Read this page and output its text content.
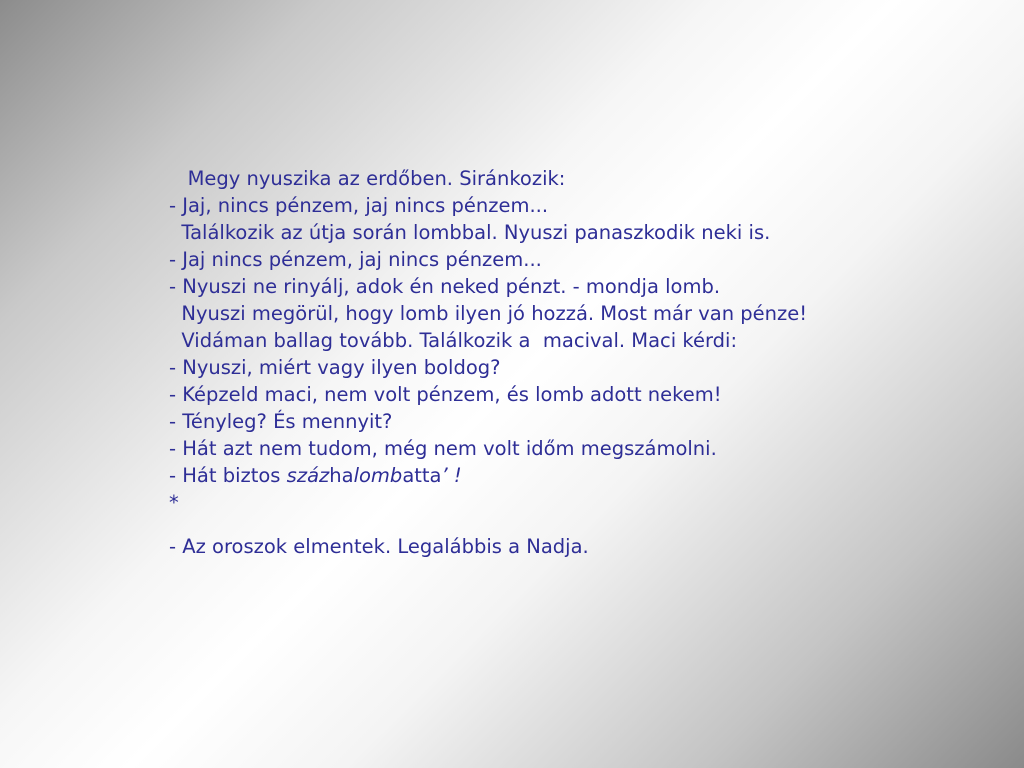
Megy nyuszika az erdőben. Siránkozik:
- Jaj, nincs pénzem, jaj nincs pénzem...
Találkozik az útja során lombbal. Nyuszi panaszkodik neki is.
- Jaj nincs pénzem, jaj nincs pénzem...
- Nyuszi ne rinyálj, adok én neked pénzt. - mondja lomb.
Nyuszi megörül, hogy lomb ilyen jó hozzá. Most már van pénze!
Vidáman ballag tovább. Találkozik a  macival. Maci kérdi:
- Nyuszi, miért vagy ilyen boldog?
- Képzeld maci, nem volt pénzem, és lomb adott nekem!
- Tényleg? És mennyit?
- Hát azt nem tudom, még nem volt időm megszámolni.
- Hát biztos százhalombatta’ !
*
- Az oroszok elmentek. Legalábbis a Nadja.
